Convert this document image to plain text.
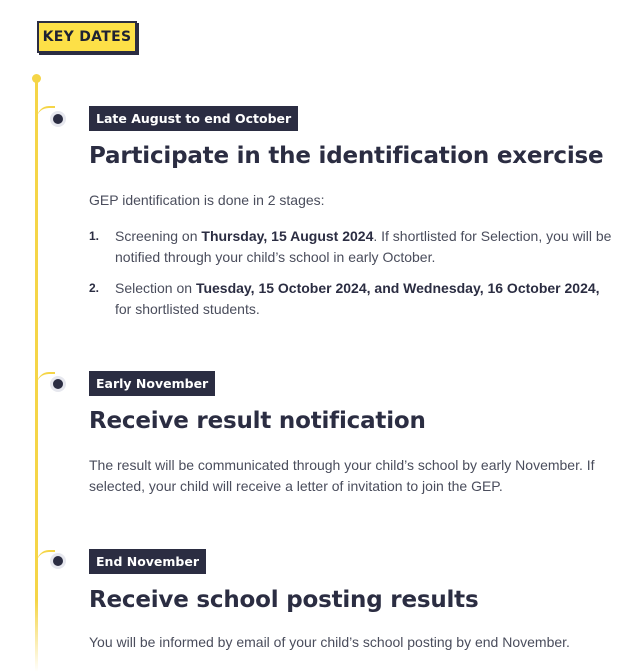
KEY DATES
Late August to end October
Participate in the identification exercise

GEP identification is done in 2 stages:

1. Screening on Thursday, 15 August 2024. If shortlisted for Selection, you will be notified through your child’s school in early October.
2. Selection on Tuesday, 15 October 2024, and Wednesday, 16 October 2024, for shortlisted students.
Early November
Receive result notification

The result will be communicated through your child’s school by early November. If selected, your child will receive a letter of invitation to join the GEP.

End November
Receive school posting results

You will be informed by email of your child’s school posting by end November.
